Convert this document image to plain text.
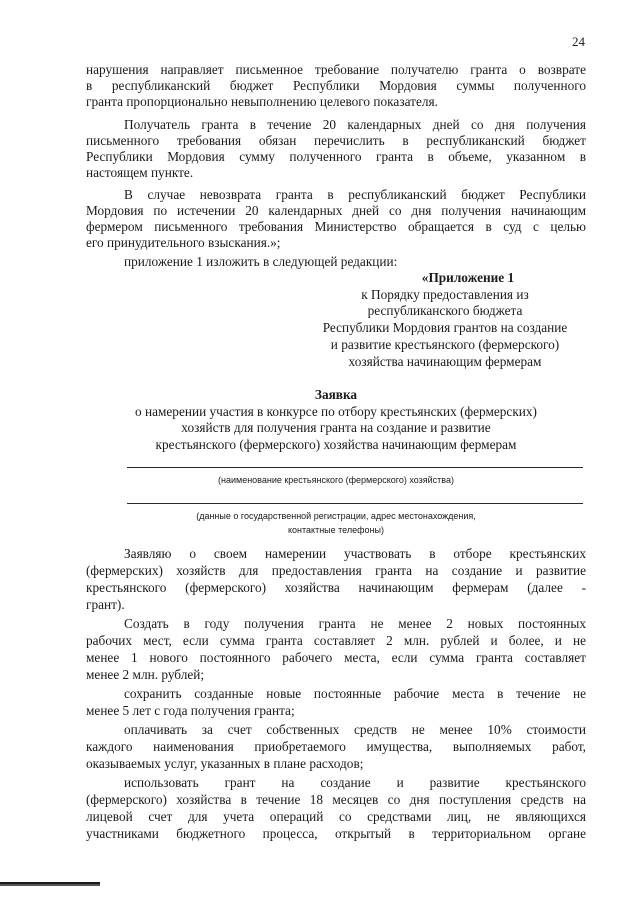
24
нарушения направляет письменное требование получателю гранта о возврате
в республиканский бюджет Республики Мордовия суммы полученного
гранта пропорционально невыполнению целевого показателя.
Получатель гранта в течение 20 календарных дней со дня получения
письменного требования обязан перечислить в республиканский бюджет
Республики Мордовия сумму полученного гранта в объеме, указанном в
настоящем пункте.
В случае невозврата гранта в республиканский бюджет Республики
Мордовия по истечении 20 календарных дней со дня получения начинающим
фермером письменного требования Министерство обращается в суд с целью
его принудительного взыскания.»;
приложение 1 изложить в следующей редакции:
«Приложение 1
к Порядку предоставления из
республиканского бюджета
Республики Мордовия грантов на создание
и развитие крестьянского (фермерского)
хозяйства начинающим фермерам
Заявка
о намерении участия в конкурсе по отбору крестьянских (фермерских)
хозяйств для получения гранта на создание и развитие
крестьянского (фермерского) хозяйства начинающим фермерам
(наименование крестьянского (фермерского) хозяйства)
(данные о государственной регистрации, адрес местонахождения,
контактные телефоны)
Заявляю о своем намерении участвовать в отборе крестьянских
(фермерских) хозяйств для предоставления гранта на создание и развитие
крестьянского (фермерского) хозяйства начинающим фермерам (далее -
грант).
Создать в году получения гранта не менее 2 новых постоянных
рабочих мест, если сумма гранта составляет 2 млн. рублей и более, и не
менее 1 нового постоянного рабочего места, если сумма гранта составляет
менее 2 млн. рублей;
сохранить созданные новые постоянные рабочие места в течение не
менее 5 лет с года получения гранта;
оплачивать за счет собственных средств не менее 10% стоимости
каждого наименования приобретаемого имущества, выполняемых работ,
оказываемых услуг, указанных в плане расходов;
использовать грант на создание и развитие крестьянского
(фермерского) хозяйства в течение 18 месяцев со дня поступления средств на
лицевой счет для учета операций со средствами лиц, не являющихся
участниками бюджетного процесса, открытый в территориальном органе
